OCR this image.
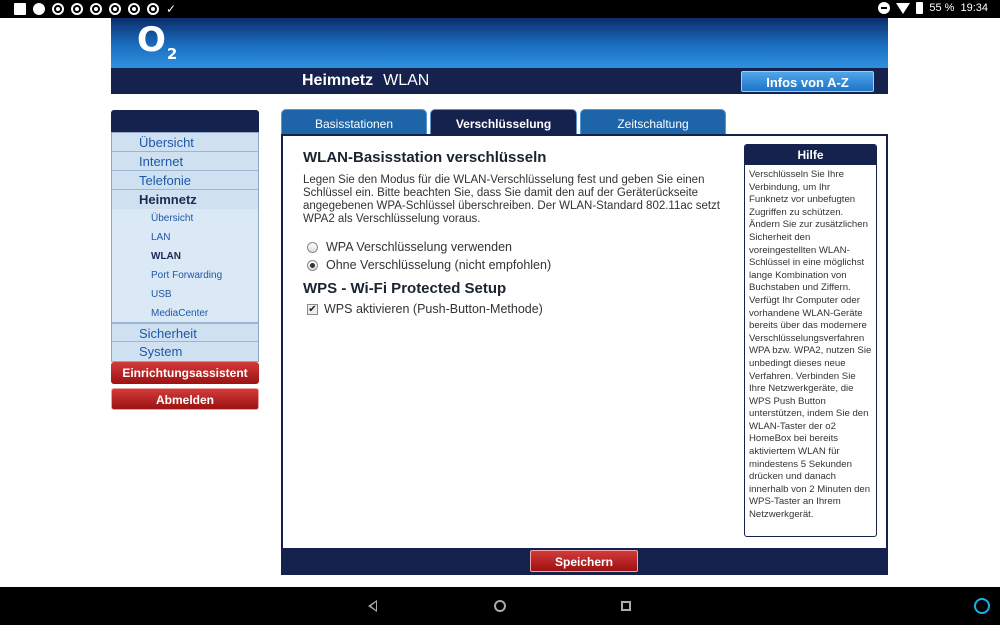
✓	55 % 19:34
$O_2$
Heimnetz WLAN	Infos von A-Z
Übersicht
Internet
Telefonie
Heimnetz
Übersicht
LAN
WLAN
Port Forwarding
USB
MediaCenter
Sicherheit
System
Einrichtungsassistent
Abmelden
Basisstationen	Verschlüsselung	Zeitschaltung
WLAN-Basisstation verschlüsseln

Legen Sie den Modus für die WLAN-Verschlüsselung fest und geben Sie einen Schlüssel ein. Bitte beachten Sie, dass Sie damit den auf der Geräterückseite angegebenen WPA-Schlüssel überschreiben. Der WLAN-Standard 802.11ac setzt WPA2 als Verschlüsselung voraus.

WPA Verschlüsselung verwenden
Ohne Verschlüsselung (nicht empfohlen)
WPS - Wi-Fi Protected Setup
✔ WPS aktivieren (Push-Button-Methode)
Hilfe
Verschlüsseln Sie Ihre Verbindung, um Ihr Funknetz vor unbefugten Zugriffen zu schützen. Ändern Sie zur zusätzlichen Sicherheit den voreingestellten WLAN-Schlüssel in eine möglichst lange Kombination von Buchstaben und Ziffern. Verfügt Ihr Computer oder vorhandene WLAN-Geräte bereits über das modernere Verschlüsselungsverfahren WPA bzw. WPA2, nutzen Sie unbedingt dieses neue Verfahren. Verbinden Sie Ihre Netzwerkgeräte, die WPS Push Button unterstützen, indem Sie den WLAN-Taster der o2 HomeBox bei bereits aktiviertem WLAN für mindestens 5 Sekunden drücken und danach innerhalb von 2 Minuten den WPS-Taster an Ihrem Netzwerkgerät.
Speichern
